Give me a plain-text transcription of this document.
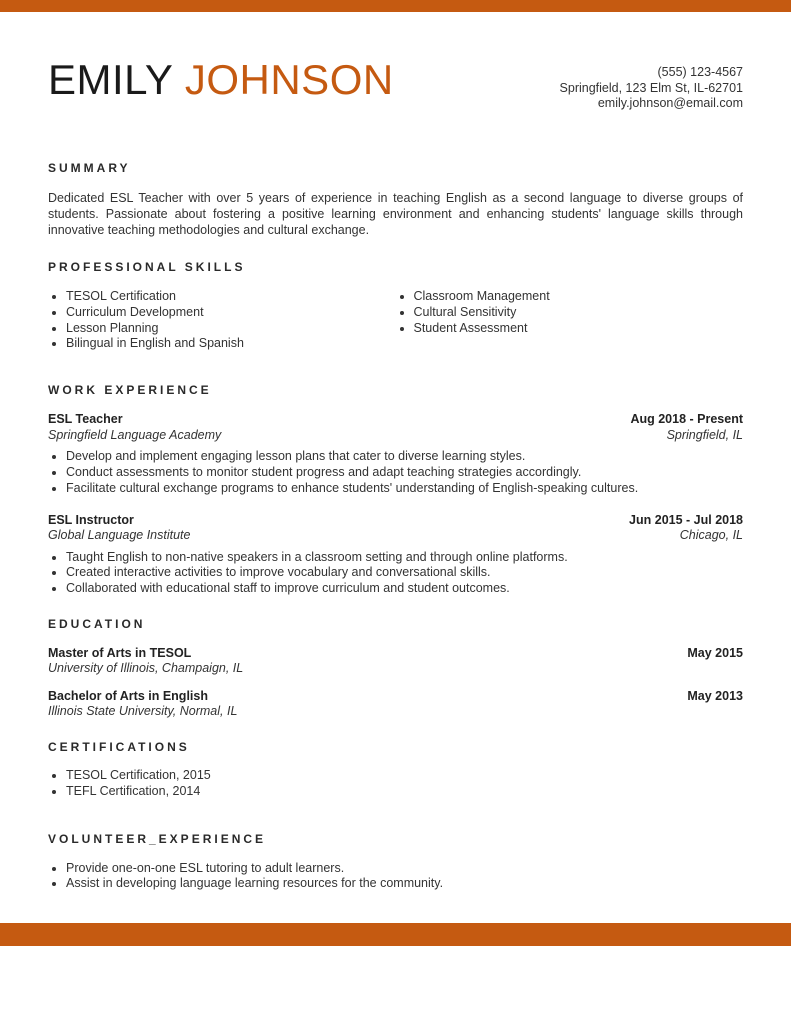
EMILY JOHNSON	(555) 123-4567
Springfield, 123 Elm St, IL-62701
emily.johnson@email.com
SUMMARY
Dedicated ESL Teacher with over 5 years of experience in teaching English as a second language to diverse groups of students. Passionate about fostering a positive learning environment and enhancing students' language skills through innovative teaching methodologies and cultural exchange.
PROFESSIONAL SKILLS
• TESOL Certification
• Curriculum Development
• Lesson Planning
• Bilingual in English and Spanish
• Classroom Management
• Cultural Sensitivity
• Student Assessment
WORK EXPERIENCE
ESL Teacher	Aug 2018 - Present
Springfield Language Academy	Springfield, IL
• Develop and implement engaging lesson plans that cater to diverse learning styles.
• Conduct assessments to monitor student progress and adapt teaching strategies accordingly.
• Facilitate cultural exchange programs to enhance students' understanding of English-speaking cultures.
ESL Instructor	Jun 2015 - Jul 2018
Global Language Institute	Chicago, IL
• Taught English to non-native speakers in a classroom setting and through online platforms.
• Created interactive activities to improve vocabulary and conversational skills.
• Collaborated with educational staff to improve curriculum and student outcomes.
EDUCATION
Master of Arts in TESOL	May 2015
University of Illinois, Champaign, IL
Bachelor of Arts in English	May 2013
Illinois State University, Normal, IL
CERTIFICATIONS
• TESOL Certification, 2015
• TEFL Certification, 2014
VOLUNTEER_EXPERIENCE
• Provide one-on-one ESL tutoring to adult learners.
• Assist in developing language learning resources for the community.
